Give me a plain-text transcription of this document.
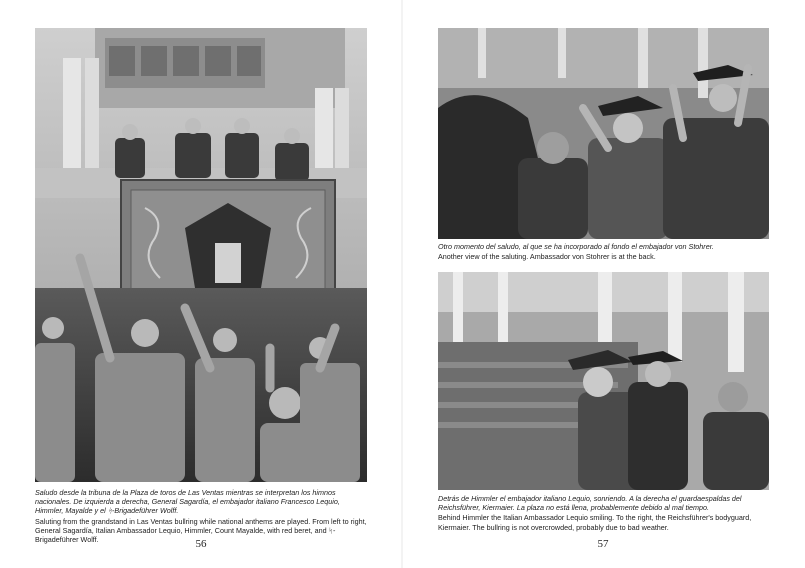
Saludo desde la tribuna de la Plaza de toros de Las Ventas mientras se interpretan los himnos nacionales. De izquierda a derecha, General Sagardía, el embajador italiano Francesco Lequio, Himmler, Mayalde y el ᛋ-Brigadeführer Wolff.
Saluting from the grandstand in Las Ventas bullring while national anthems are played. From left to right, General Sagardía, Italian Ambassador Lequio, Himmler, Count Mayalde, with red beret, and ᛋ-Brigadeführer Wolff.	56
Otro momento del saludo, al que se ha incorporado al fondo el embajador von Stohrer.
Another view of the saluting. Ambassador von Stohrer is at the back.
Detrás de Himmler el embajador italiano Lequio, sonriendo. A la derecha el guardaespaldas del Reichsführer, Kiermaier. La plaza no está llena, probablemente debido al mal tiempo.
Behind Himmler the Italian Ambassador Lequio smiling. To the right, the Reichsführer's bodyguard, Kiermaier. The bullring is not overcrowded, probably due to bad weather.
57
